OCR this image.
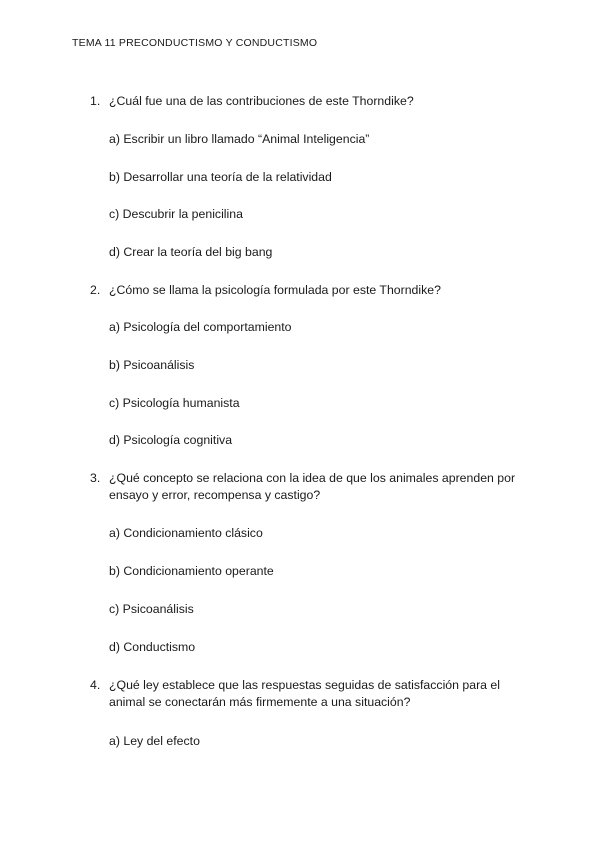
TEMA 11 PRECONDUCTISMO Y CONDUCTISMO
1. ¿Cuál fue una de las contribuciones de este Thorndike?
a) Escribir un libro llamado “Animal Inteligencia”
b) Desarrollar una teoría de la relatividad
c) Descubrir la penicilina
d) Crear la teoría del big bang
2. ¿Cómo se llama la psicología formulada por este Thorndike?
a) Psicología del comportamiento
b) Psicoanálisis
c) Psicología humanista
d) Psicología cognitiva
3. ¿Qué concepto se relaciona con la idea de que los animales aprenden por ensayo y error, recompensa y castigo?
a) Condicionamiento clásico
b) Condicionamiento operante
c) Psicoanálisis
d) Conductismo
4. ¿Qué ley establece que las respuestas seguidas de satisfacción para el animal se conectarán más firmemente a una situación?
a) Ley del efecto
